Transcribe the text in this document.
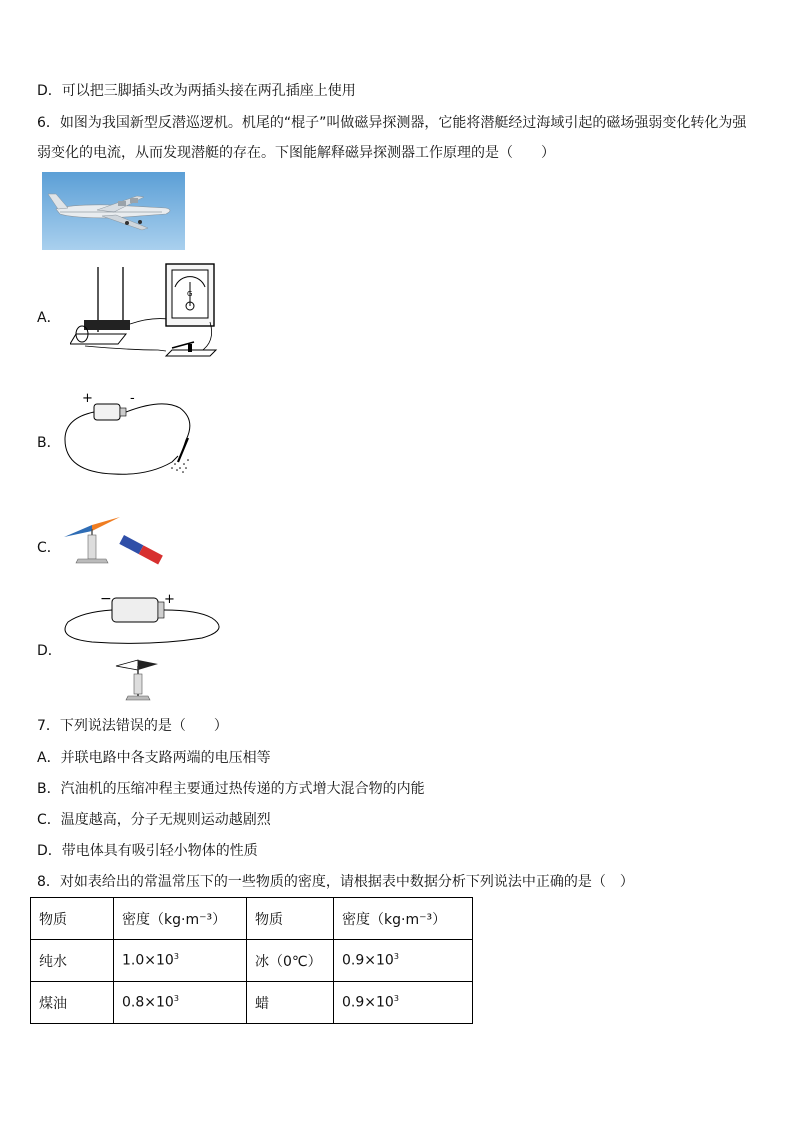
D．可以把三脚插头改为两插头接在两孔插座上使用
6．如图为我国新型反潜巡逻机。机尾的“棍子”叫做磁异探测器，它能将潜艇经过海域引起的磁场强弱变化转化为强弱变化的电流，从而发现潜艇的存在。下图能解释磁异探测器工作原理的是（　　）
A．
G
B．
+	-
C．
D．
−	+
7．下列说法错误的是（　　）
A．并联电路中各支路两端的电压相等
B．汽油机的压缩冲程主要通过热传递的方式增大混合物的内能
C．温度越高，分子无规则运动越剧烈
D．带电体具有吸引轻小物体的性质
8．对如表给出的常温常压下的一些物质的密度，请根据表中数据分析下列说法中正确的是（　）
物质	密度（kg·m⁻³）	物质	密度（kg·m⁻³）
纯水	$1.0\times 10^3$	冰（0℃）	$0.9\times 10^3$
煤油	$0.8\times 10^3$	蜡	$0.9\times 10^3$
